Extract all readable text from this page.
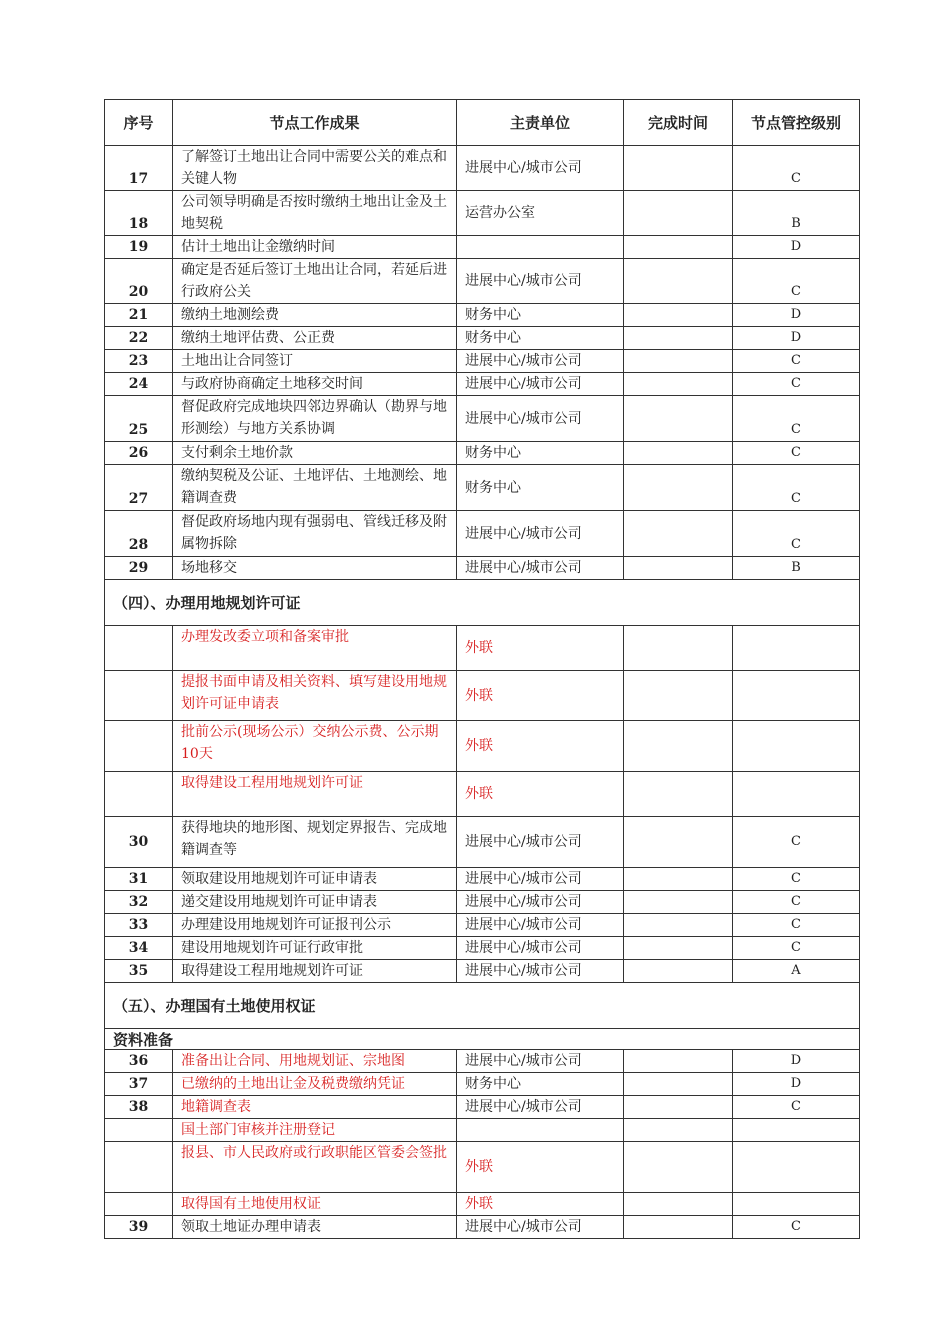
序号	节点工作成果	主责单位	完成时间	节点管控级别
17	了解签订土地出让合同中需要公关的难点和关键人物	进展中心/城市公司		C
18	公司领导明确是否按时缴纳土地出让金及土地契税	运营办公室		B
19	估计土地出让金缴纳时间			D
20	确定是否延后签订土地出让合同，若延后进行政府公关	进展中心/城市公司		C
21	缴纳土地测绘费	财务中心		D
22	缴纳土地评估费、公正费	财务中心		D
23	土地出让合同签订	进展中心/城市公司		C
24	与政府协商确定土地移交时间	进展中心/城市公司		C
25	督促政府完成地块四邻边界确认（勘界与地形测绘）与地方关系协调	进展中心/城市公司		C
26	支付剩余土地价款	财务中心		C
27	缴纳契税及公证、土地评估、土地测绘、地籍调查费	财务中心		C
28	督促政府场地内现有强弱电、管线迁移及附属物拆除	进展中心/城市公司		C
29	场地移交	进展中心/城市公司		B
（四）、办理用地规划许可证				
	办理发改委立项和备案审批	外联		
	提报书面申请及相关资料、填写建设用地规划许可证申请表	外联		
	批前公示(现场公示）交纳公示费、公示期10天	外联		
	取得建设工程用地规划许可证	外联		
30	获得地块的地形图、规划定界报告、完成地籍调查等	进展中心/城市公司		C
31	领取建设用地规划许可证申请表	进展中心/城市公司		C
32	递交建设用地规划许可证申请表	进展中心/城市公司		C
33	办理建设用地规划许可证报刊公示	进展中心/城市公司		C
34	建设用地规划许可证行政审批	进展中心/城市公司		C
35	取得建设工程用地规划许可证	进展中心/城市公司		A
（五）、办理国有土地使用权证				
资料准备				
36	准备出让合同、用地规划证、宗地图	进展中心/城市公司		D
37	已缴纳的土地出让金及税费缴纳凭证	财务中心		D
38	地籍调查表	进展中心/城市公司		C
	国土部门审核并注册登记			
	报县、市人民政府或行政职能区管委会签批	外联		
	取得国有土地使用权证	外联		
39	领取土地证办理申请表	进展中心/城市公司		C
